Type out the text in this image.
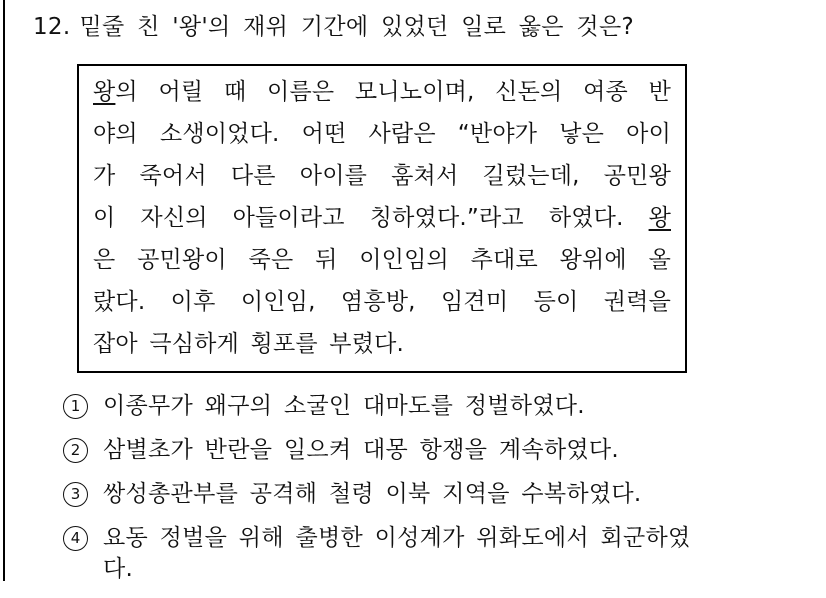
12. 밑줄 친 '왕'의 재위 기간에 있었던 일로 옳은 것은?
왕의 어릴 때 이름은 모니노이며, 신돈의 여종 반
야의 소생이었다. 어떤 사람은 “반야가 낳은 아이
가 죽어서 다른 아이를 훔쳐서 길렀는데, 공민왕
이 자신의 아들이라고 칭하였다.”라고 하였다. 왕
은 공민왕이 죽은 뒤 이인임의 추대로 왕위에 올
랐다. 이후 이인임, 염흥방, 임견미 등이 권력을
잡아 극심하게 횡포를 부렸다.
1 이종무가 왜구의 소굴인 대마도를 정벌하였다.
2 삼별초가 반란을 일으켜 대몽 항쟁을 계속하였다.
3 쌍성총관부를 공격해 철령 이북 지역을 수복하였다.
4 요동 정벌을 위해 출병한 이성계가 위화도에서 회군하였
다.
